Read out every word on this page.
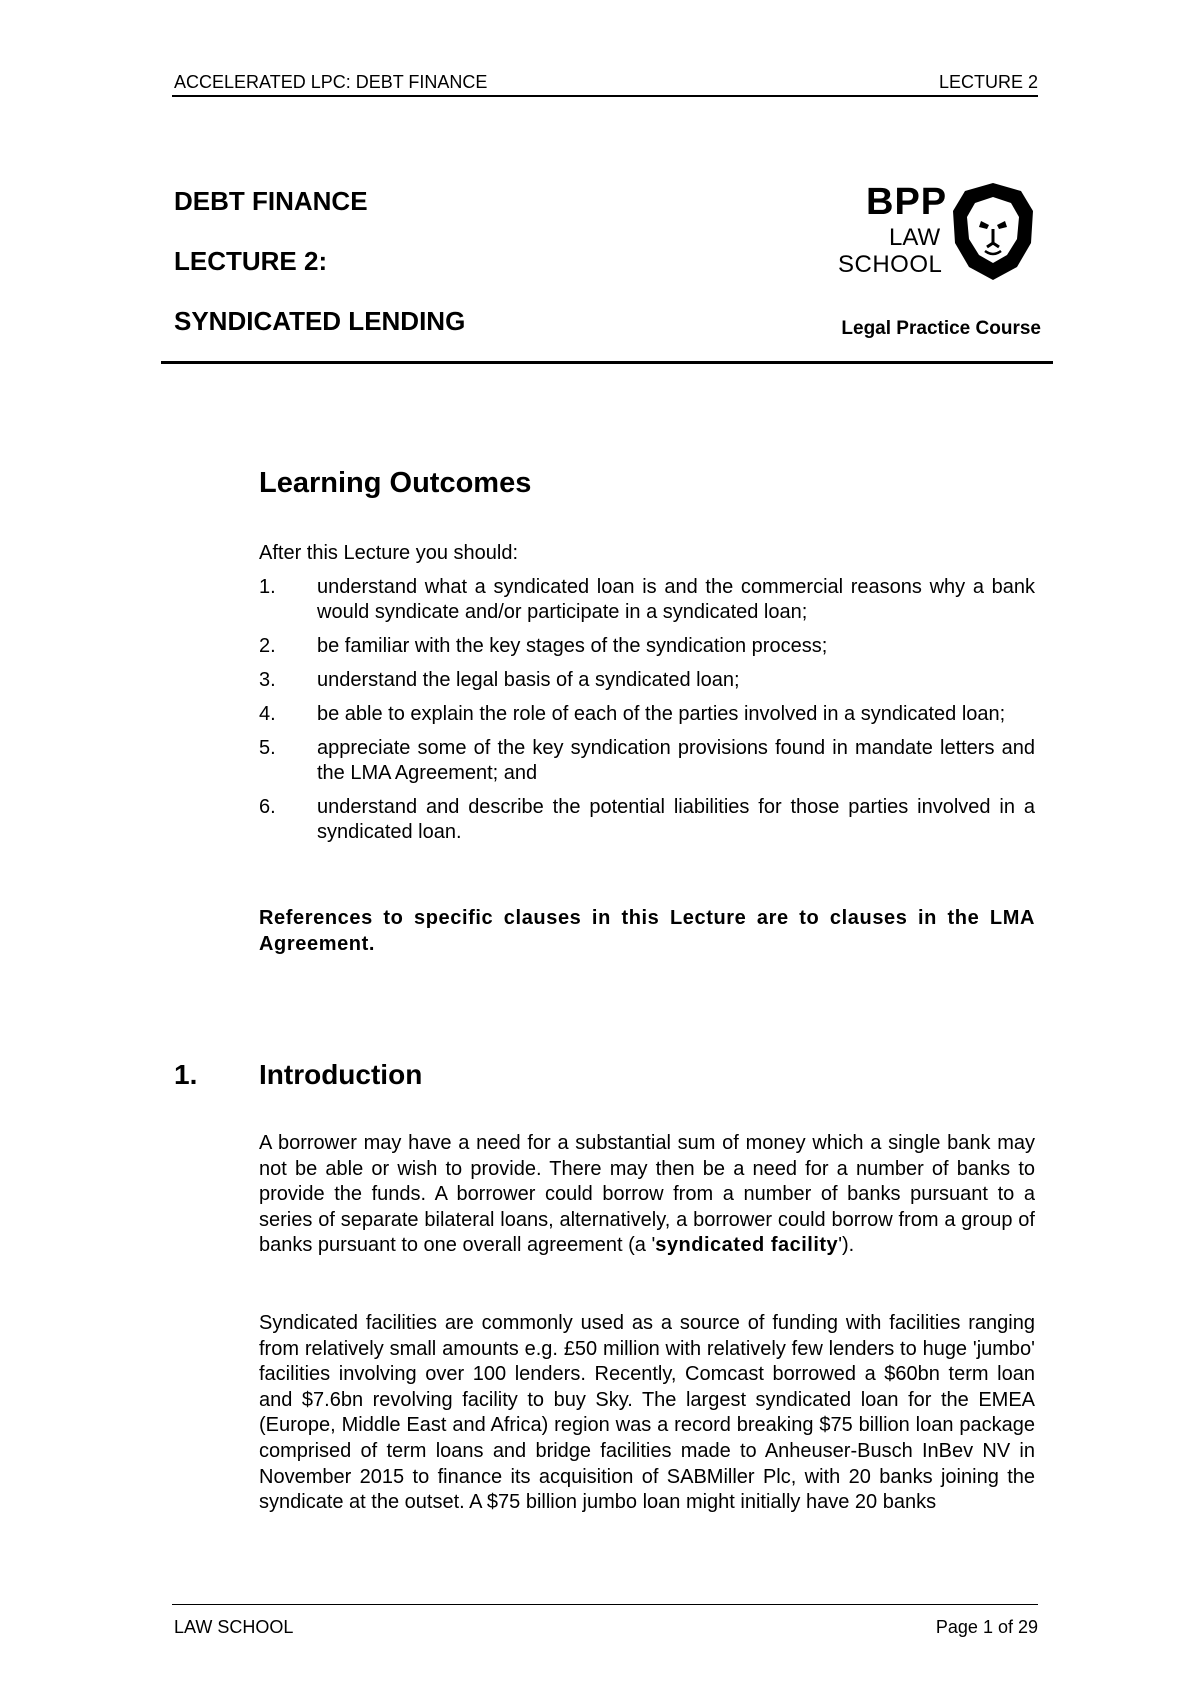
ACCELERATED LPC: DEBT FINANCE	LECTURE 2
DEBT FINANCE
LECTURE 2:
SYNDICATED LENDING
BPP
LAW
SCHOOL
Legal Practice Course
Learning Outcomes
After this Lecture you should:
1.	understand what a syndicated loan is and the commercial reasons why a bank would syndicate and/or participate in a syndicated loan;
2.	be familiar with the key stages of the syndication process;
3.	understand the legal basis of a syndicated loan;
4.	be able to explain the role of each of the parties involved in a syndicated loan;
5.	appreciate some of the key syndication provisions found in mandate letters and the LMA Agreement; and
6.	understand and describe the potential liabilities for those parties involved in a syndicated loan.
References to specific clauses in this Lecture are to clauses in the LMA Agreement.
1. Introduction
A borrower may have a need for a substantial sum of money which a single bank may not be able or wish to provide. There may then be a need for a number of banks to provide the funds. A borrower could borrow from a number of banks pursuant to a series of separate bilateral loans, alternatively, a borrower could borrow from a group of banks pursuant to one overall agreement (a 'syndicated facility').
Syndicated facilities are commonly used as a source of funding with facilities ranging from relatively small amounts e.g. £50 million with relatively few lenders to huge 'jumbo' facilities involving over 100 lenders. Recently, Comcast borrowed a $60bn term loan and $7.6bn revolving facility to buy Sky. The largest syndicated loan for the EMEA (Europe, Middle East and Africa) region was a record breaking $75 billion loan package comprised of term loans and bridge facilities made to Anheuser-Busch InBev NV in November 2015 to finance its acquisition of SABMiller Plc, with 20 banks joining the syndicate at the outset. A $75 billion jumbo loan might initially have 20 banks
LAW SCHOOL	Page 1 of 29
